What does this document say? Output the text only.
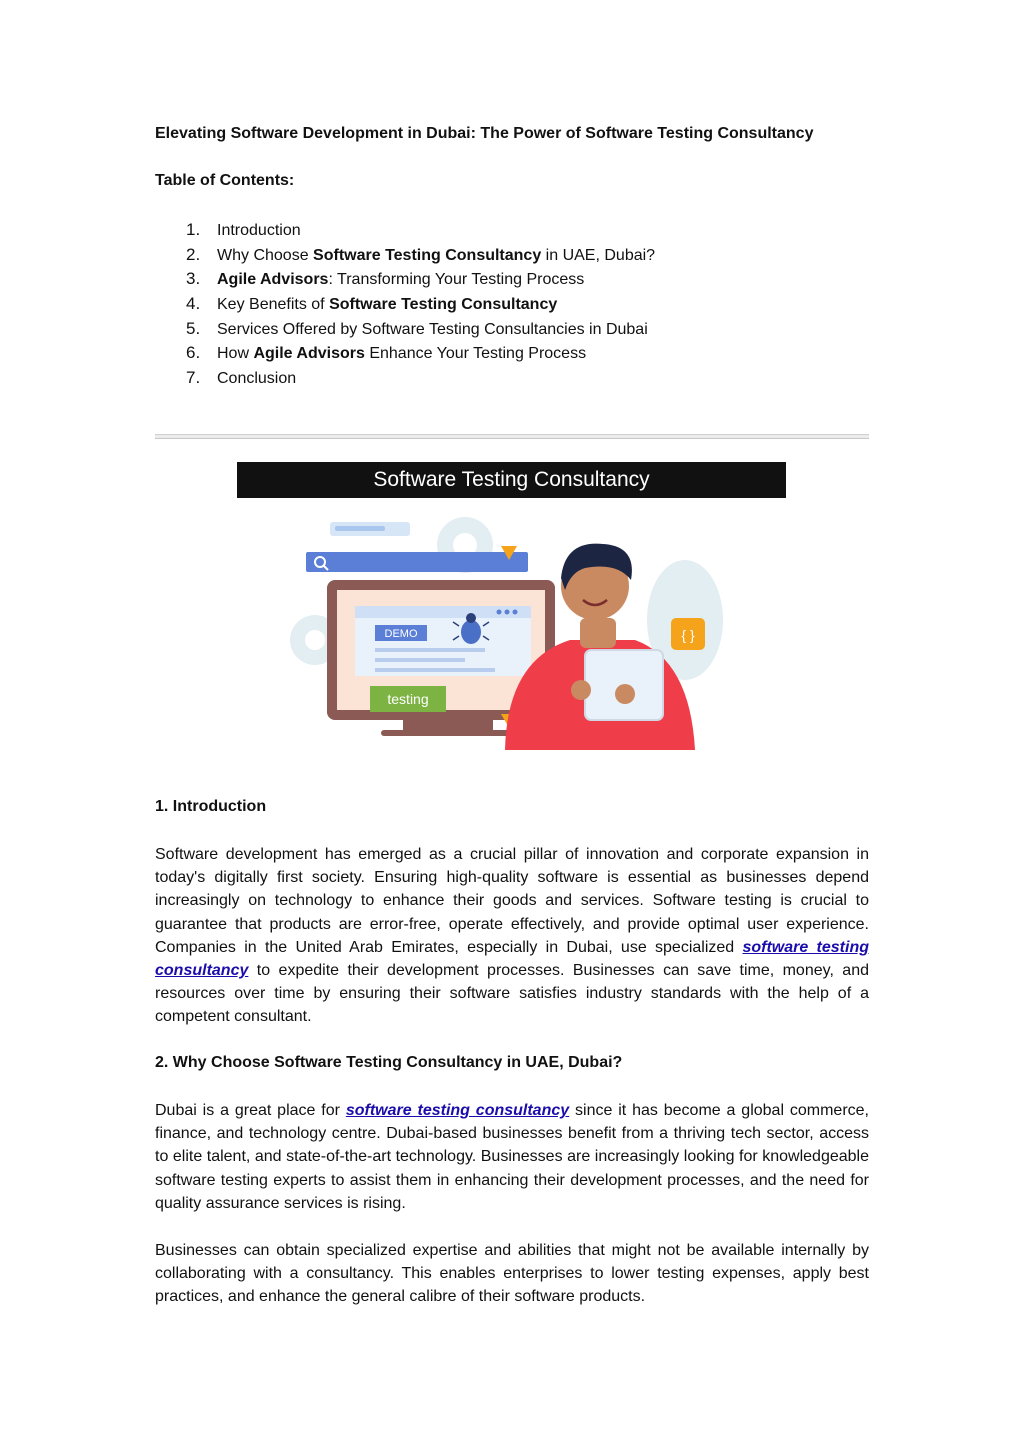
Elevating Software Development in Dubai: The Power of Software Testing Consultancy
Table of Contents:
1. Introduction
2. Why Choose Software Testing Consultancy in UAE, Dubai?
3. Agile Advisors: Transforming Your Testing Process
4. Key Benefits of Software Testing Consultancy
5. Services Offered by Software Testing Consultancies in Dubai
6. How Agile Advisors Enhance Your Testing Process
7. Conclusion
Software Testing Consultancy
DEMO
testing
{ }
1. Introduction

Software development has emerged as a crucial pillar of innovation and corporate expansion in today's digitally first society. Ensuring high-quality software is essential as businesses depend increasingly on technology to enhance their goods and services. Software testing is crucial to guarantee that products are error-free, operate effectively, and provide optimal user experience. Companies in the United Arab Emirates, especially in Dubai, use specialized software testing consultancy to expedite their development processes. Businesses can save time, money, and resources over time by ensuring their software satisfies industry standards with the help of a competent consultant.

2. Why Choose Software Testing Consultancy in UAE, Dubai?

Dubai is a great place for software testing consultancy since it has become a global commerce, finance, and technology centre. Dubai-based businesses benefit from a thriving tech sector, access to elite talent, and state-of-the-art technology. Businesses are increasingly looking for knowledgeable software testing experts to assist them in enhancing their development processes, and the need for quality assurance services is rising.

Businesses can obtain specialized expertise and abilities that might not be available internally by collaborating with a consultancy. This enables enterprises to lower testing expenses, apply best practices, and enhance the general calibre of their software products.
